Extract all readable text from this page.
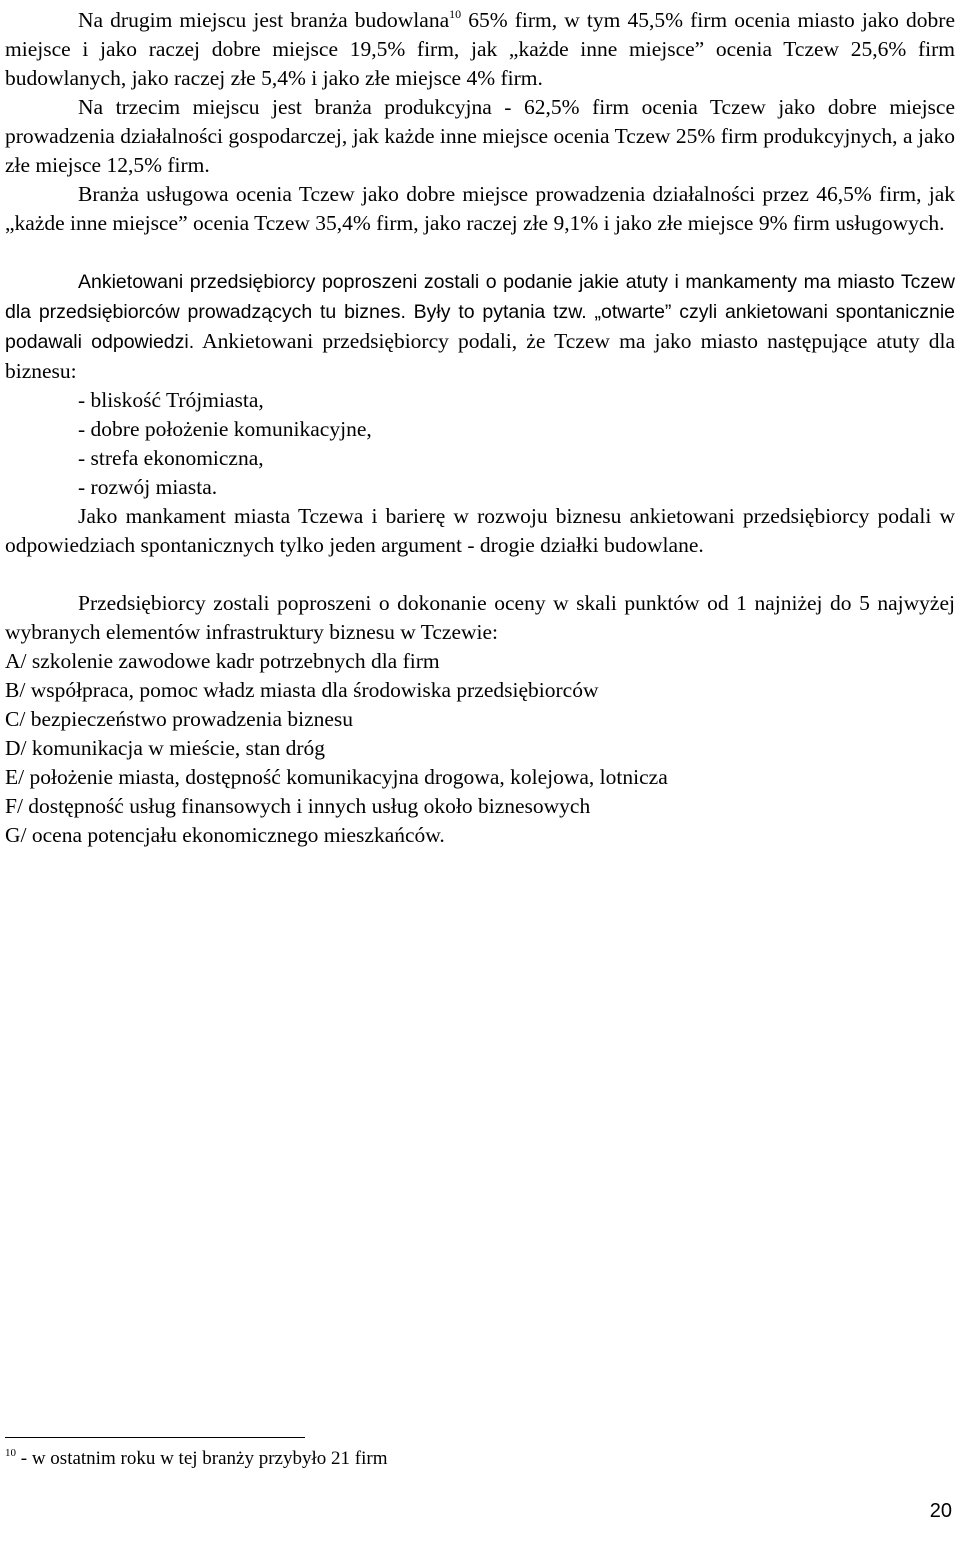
Na drugim miejscu jest branża budowlana$^{10}$ 65% firm, w tym 45,5% firm ocenia miasto jako dobre miejsce i jako raczej dobre miejsce 19,5% firm, jak „każde inne miejsce” ocenia Tczew 25,6% firm budowlanych, jako raczej złe 5,4% i jako złe miejsce 4% firm.

Na trzecim miejscu jest branża produkcyjna - 62,5% firm ocenia Tczew jako dobre miejsce prowadzenia działalności gospodarczej, jak każde inne miejsce ocenia Tczew 25% firm produkcyjnych, a jako złe miejsce 12,5% firm.

Branża usługowa ocenia Tczew jako dobre miejsce prowadzenia działalności przez 46,5% firm, jak „każde inne miejsce” ocenia Tczew 35,4% firm, jako raczej złe 9,1% i jako złe miejsce 9% firm usługowych.

Ankietowani przedsiębiorcy poproszeni zostali o podanie jakie atuty i mankamenty ma miasto Tczew dla przedsiębiorców prowadzących tu biznes. Były to pytania tzw. „otwarte” czyli ankietowani spontanicznie podawali odpowiedzi. Ankietowani przedsiębiorcy podali, że Tczew ma jako miasto następujące atuty dla biznesu:

- bliskość Trójmiasta,

- dobre położenie komunikacyjne,

- strefa ekonomiczna,

- rozwój miasta.

Jako mankament miasta Tczewa i barierę w rozwoju biznesu ankietowani przedsiębiorcy podali w odpowiedziach spontanicznych tylko jeden argument - drogie działki budowlane.

Przedsiębiorcy zostali poproszeni o dokonanie oceny w skali punktów od 1 najniżej do 5 najwyżej wybranych elementów infrastruktury biznesu w Tczewie:

A/ szkolenie zawodowe kadr potrzebnych dla firm

B/ współpraca, pomoc władz miasta dla środowiska przedsiębiorców

C/ bezpieczeństwo prowadzenia biznesu

D/ komunikacja w mieście, stan dróg

E/ położenie miasta, dostępność komunikacyjna drogowa, kolejowa, lotnicza

F/ dostępność usług finansowych i innych usług około biznesowych

G/ ocena potencjału ekonomicznego mieszkańców.

$^{10}$ - w ostatnim roku w tej branży przybyło 21 firm
20
